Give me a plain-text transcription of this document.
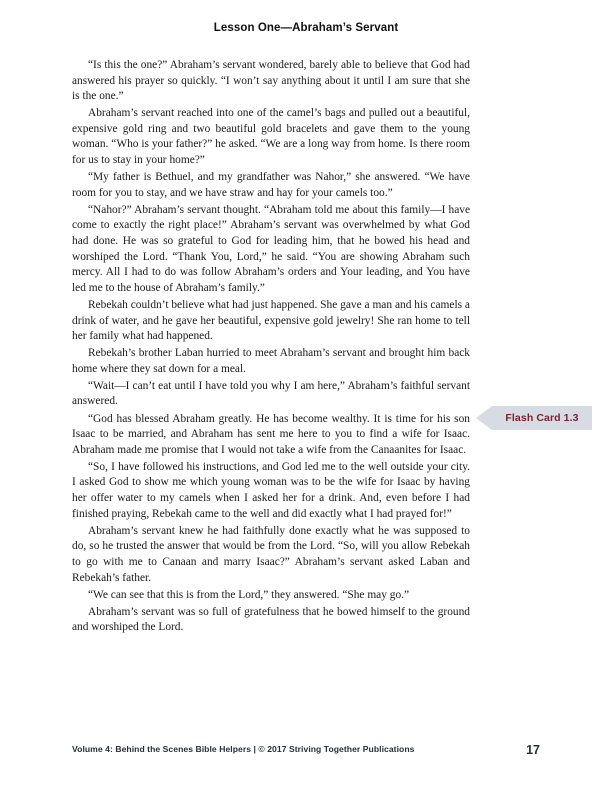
Lesson One—Abraham’s Servant

“Is this the one?” Abraham’s servant wondered, barely able to believe that God had answered his prayer so quickly. “I won’t say anything about it until I am sure that she is the one.”

Abraham’s servant reached into one of the camel’s bags and pulled out a beautiful, expensive gold ring and two beautiful gold bracelets and gave them to the young woman. “Who is your father?” he asked. “We are a long way from home. Is there room for us to stay in your home?”

“My father is Bethuel, and my grandfather was Nahor,” she answered. “We have room for you to stay, and we have straw and hay for your camels too.”

“Nahor?” Abraham’s servant thought. “Abraham told me about this family—I have come to exactly the right place!” Abraham’s servant was overwhelmed by what God had done. He was so grateful to God for leading him, that he bowed his head and worshiped the Lord. “Thank You, Lord,” he said. “You are showing Abraham such mercy. All I had to do was follow Abraham’s orders and Your leading, and You have led me to the house of Abraham’s family.”

Rebekah couldn’t believe what had just happened. She gave a man and his camels a drink of water, and he gave her beautiful, expensive gold jewelry! She ran home to tell her family what had happened.

Rebekah’s brother Laban hurried to meet Abraham’s servant and brought him back home where they sat down for a meal.

“Wait—I can’t eat until I have told you why I am here,” Abraham’s faithful servant answered.

“God has blessed Abraham greatly. He has become wealthy. It is time for his son Isaac to be married, and Abraham has sent me here to you to find a wife for Isaac. Abraham made me promise that I would not take a wife from the Canaanites for Isaac.

“So, I have followed his instructions, and God led me to the well outside your city. I asked God to show me which young woman was to be the wife for Isaac by having her offer water to my camels when I asked her for a drink. And, even before I had finished praying, Rebekah came to the well and did exactly what I had prayed for!”

Abraham’s servant knew he had faithfully done exactly what he was supposed to do, so he trusted the answer that would be from the Lord. “So, will you allow Rebekah to go with me to Canaan and marry Isaac?” Abraham’s servant asked Laban and Rebekah’s father.

“We can see that this is from the Lord,” they answered. “She may go.”

Abraham’s servant was so full of gratefulness that he bowed himself to the ground and worshiped the Lord.

Flash Card 1.3
Volume 4: Behind the Scenes Bible Helpers | © 2017 Striving Together Publications	17
